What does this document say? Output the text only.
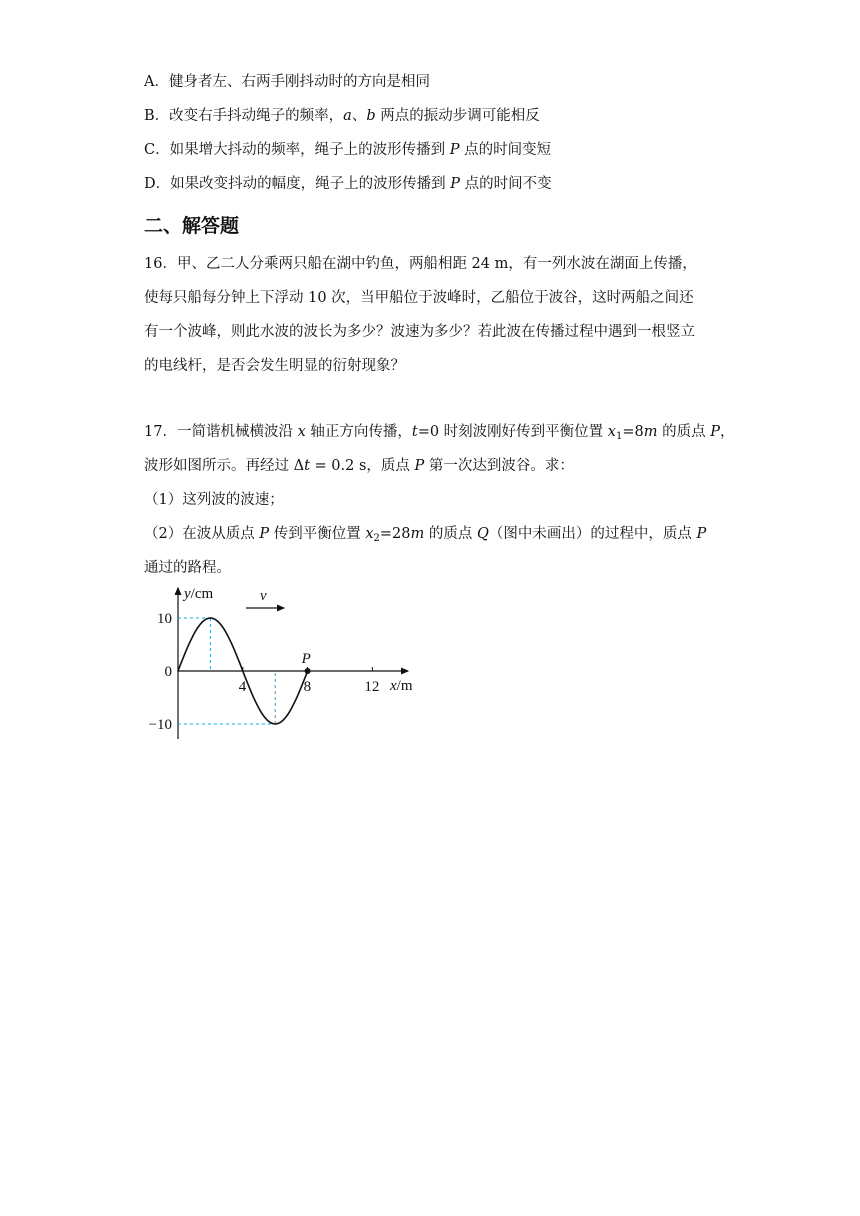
A．健身者左、右两手刚抖动时的方向是相同
B．改变右手抖动绳子的频率，a、b 两点的振动步调可能相反
C．如果增大抖动的频率，绳子上的波形传播到 P 点的时间变短
D．如果改变抖动的幅度，绳子上的波形传播到 P 点的时间不变
二、解答题
16．甲、乙二人分乘两只船在湖中钓鱼，两船相距 24 m，有一列水波在湖面上传播，
使每只船每分钟上下浮动 10 次，当甲船位于波峰时，乙船位于波谷，这时两船之间还
有一个波峰，则此水波的波长为多少？波速为多少？若此波在传播过程中遇到一根竖立
的电线杆，是否会发生明显的衍射现象？
17．一简谐机械横波沿 x 轴正方向传播，t=0 时刻波刚好传到平衡位置 $x_1=8m$ 的质点 P，
波形如图所示。再经过 Δt = 0.2 s，质点 P 第一次达到波谷。求：
（1）这列波的波速；
（2）在波从质点 P 传到平衡位置 $x_2=28m$ 的质点 Q（图中未画出）的过程中，质点 P
通过的路程。
y/cm
x/m
v
4	8	12
10
0
−10
P
